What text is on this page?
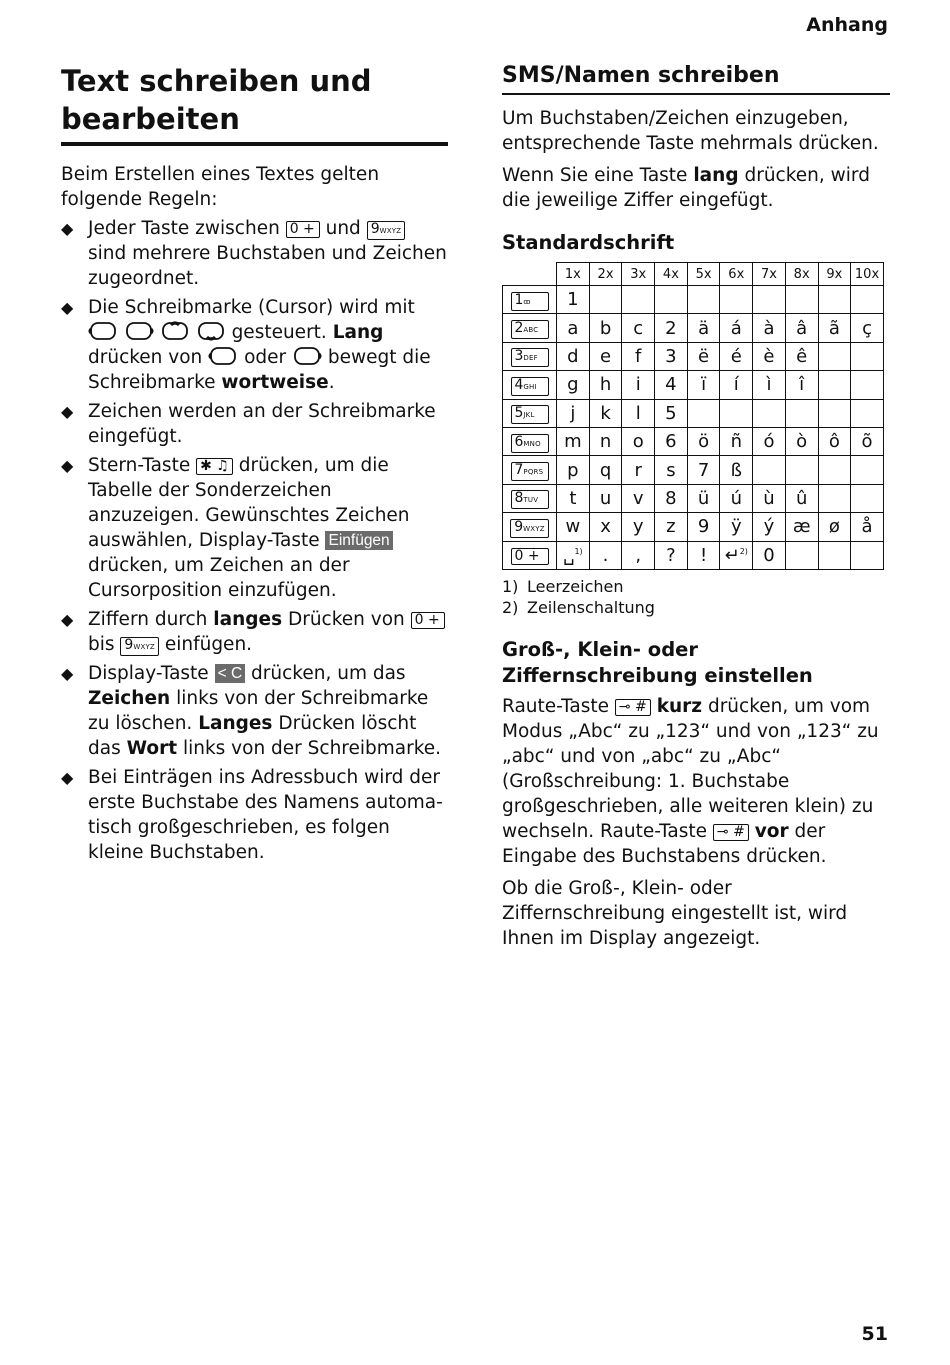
Anhang
Text schreiben und bearbeiten

Beim Erstellen eines Textes gelten folgende Regeln:

◆ Jeder Taste zwischen 0 + und 9WXYZ sind mehrere Buchstaben und Zeichen zugeordnet.
◆ Die Schreibmarke (Cursor) wird mit     gesteuert. Lang drücken von oder bewegt die Schreibmarke wortweise.
◆ Zeichen werden an der Schreibmarke eingefügt.
◆ Stern-Taste ✱ ♫ drücken, um die Tabelle der Sonderzeichen anzuzeigen. Gewünschtes Zeichen auswählen, Display-Taste Einfügen drücken, um Zeichen an der Cursorposition einzufügen.
◆ Ziffern durch langes Drücken von 0 + bis 9WXYZ einfügen.
◆ Display-Taste < C drücken, um das Zeichen links von der Schreibmarke zu löschen. Langes Drücken löscht das Wort links von der Schreibmarke.
◆ Bei Einträgen ins Adressbuch wird der erste Buchstabe des Namens automatisch großgeschrieben, es folgen kleine Buchstaben.
SMS/Namen schreiben

Um Buchstaben/Zeichen einzugeben, entsprechende Taste mehrmals drücken.

Wenn Sie eine Taste lang drücken, wird die jeweilige Ziffer eingefügt.

Standardschrift
	1x	2x	3x	4x	5x	6x	7x	8x	9x	10x
1ꝏ	1									
2ABC	a	b	c	2	ä	á	à	â	ã	ç
3DEF	d	e	f	3	ë	é	è	ê		
4GHI	g	h	i	4	ï	í	ì	î		
5JKL	j	k	l	5						
6MNO	m	n	o	6	ö	ñ	ó	ò	ô	õ
7PQRS	p	q	r	s	7	ß				
8TUV	t	u	v	8	ü	ú	ù	û		
9WXYZ	w	x	y	z	9	ÿ	ý	æ	ø	å
0 +	␣$^{1)}$	.	,	?	!	↵$^{2)}$	0			
1) Leerzeichen
2) Zeilenschaltung
Groß-, Klein- oder Ziffernschreibung einstellen

Raute-Taste ⊸ # kurz drücken, um vom Modus „Abc“ zu „123“ und von „123“ zu „abc“ und von „abc“ zu „Abc“ (Großschreibung: 1. Buchstabe großgeschrieben, alle weiteren klein) zu wechseln. Raute-Taste ⊸ # vor der Eingabe des Buchstabens drücken.

Ob die Groß-, Klein- oder Ziffernschreibung eingestellt ist, wird Ihnen im Display angezeigt.

51
